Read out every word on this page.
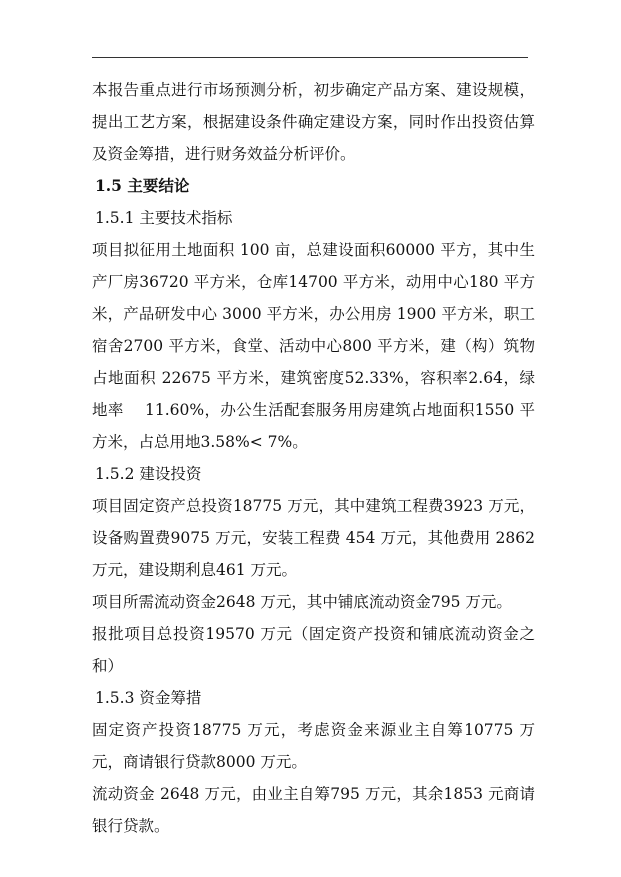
本报告重点进行市场预测分析，初步确定产品方案、建设规模，提出工艺方案，根据建设条件确定建设方案，同时作出投资估算及资金筹措，进行财务效益分析评价。

1.5 主要结论

1.5.1 主要技术指标

项目拟征用土地面积 100 亩，总建设面积60000 平方，其中生产厂房36720 平方米，仓库14700 平方米，动用中心180 平方米，产品研发中心 3000 平方米，办公用房 1900 平方米，职工宿舍2700 平方米，食堂、活动中心800 平方米，建（构）筑物占地面积 22675 平方米，建筑密度52.33%，容积率2.64，绿地率　 11.60%，办公生活配套服务用房建筑占地面积1550 平方米，占总用地3.58%< 7%。

1.5.2 建设投资

项目固定资产总投资18775 万元，其中建筑工程费3923 万元，设备购置费9075 万元，安装工程费 454 万元，其他费用 2862 万元，建设期利息461 万元。

项目所需流动资金2648 万元，其中铺底流动资金795 万元。

报批项目总投资19570 万元（固定资产投资和铺底流动资金之和）

1.5.3 资金筹措

固定资产投资18775 万元，考虑资金来源业主自筹10775 万元，商请银行贷款8000 万元。

流动资金 2648 万元，由业主自筹795 万元，其余1853 元商请银行贷款。
